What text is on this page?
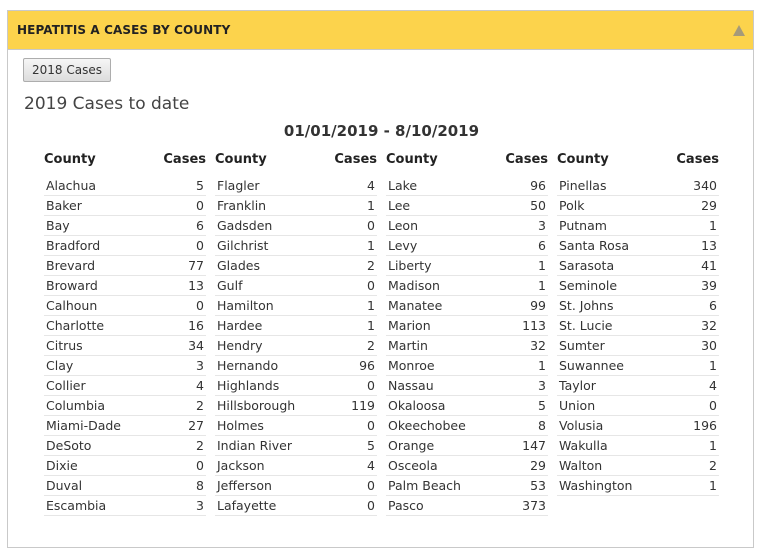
HEPATITIS A CASES BY COUNTY
2018 Cases
2019 Cases to date
01/01/2019 - 8/10/2019
County	Cases
Alachua	5
Baker	0
Bay	6
Bradford	0
Brevard	77
Broward	13
Calhoun	0
Charlotte	16
Citrus	34
Clay	3
Collier	4
Columbia	2
Miami-Dade	27
DeSoto	2
Dixie	0
Duval	8
Escambia	3
County	Cases
Flagler	4
Franklin	1
Gadsden	0
Gilchrist	1
Glades	2
Gulf	0
Hamilton	1
Hardee	1
Hendry	2
Hernando	96
Highlands	0
Hillsborough	119
Holmes	0
Indian River	5
Jackson	4
Jefferson	0
Lafayette	0
County	Cases
Lake	96
Lee	50
Leon	3
Levy	6
Liberty	1
Madison	1
Manatee	99
Marion	113
Martin	32
Monroe	1
Nassau	3
Okaloosa	5
Okeechobee	8
Orange	147
Osceola	29
Palm Beach	53
Pasco	373
County	Cases
Pinellas	340
Polk	29
Putnam	1
Santa Rosa	13
Sarasota	41
Seminole	39
St. Johns	6
St. Lucie	32
Sumter	30
Suwannee	1
Taylor	4
Union	0
Volusia	196
Wakulla	1
Walton	2
Washington	1
